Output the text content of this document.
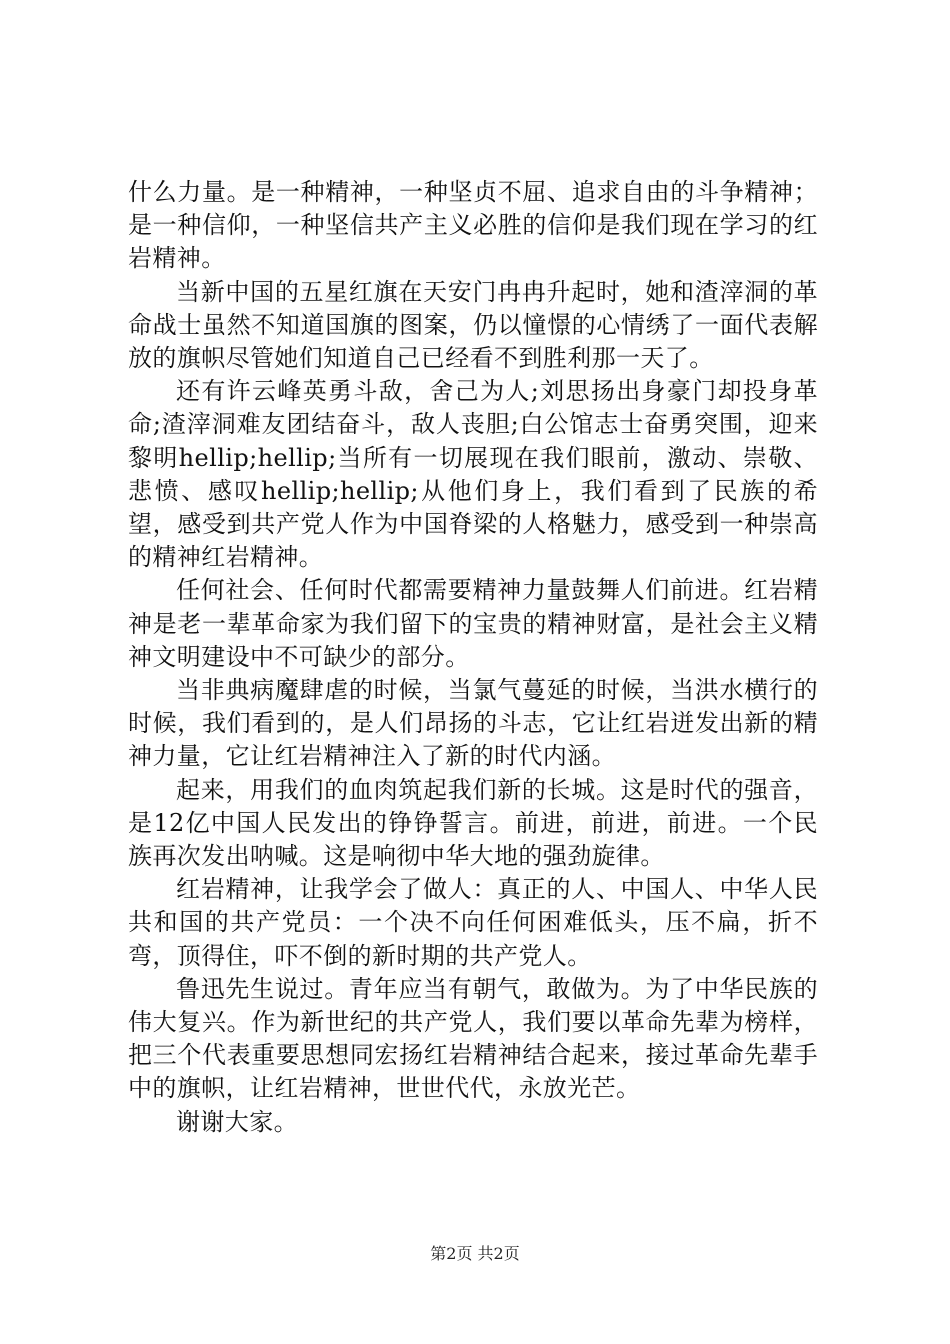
什么力量。是一种精神，一种坚贞不屈、追求自由的斗争精神；是一种信仰，一种坚信共产主义必胜的信仰是我们现在学习的红岩精神。

当新中国的五星红旗在天安门冉冉升起时，她和渣滓洞的革命战士虽然不知道国旗的图案，仍以憧憬的心情绣了一面代表解放的旗帜尽管她们知道自己已经看不到胜利那一天了。

还有许云峰英勇斗敌，舍己为人;刘思扬出身豪门却投身革命;渣滓洞难友团结奋斗，敌人丧胆;白公馆志士奋勇突围，迎来黎明hellip;hellip;当所有一切展现在我们眼前，激动、崇敬、悲愤、感叹hellip;hellip;从他们身上，我们看到了民族的希望，感受到共产党人作为中国脊梁的人格魅力，感受到一种崇高的精神红岩精神。

任何社会、任何时代都需要精神力量鼓舞人们前进。红岩精神是老一辈革命家为我们留下的宝贵的精神财富，是社会主义精神文明建设中不可缺少的部分。

当非典病魔肆虐的时候，当氯气蔓延的时候，当洪水横行的时候，我们看到的，是人们昂扬的斗志，它让红岩迸发出新的精神力量，它让红岩精神注入了新的时代内涵。

起来，用我们的血肉筑起我们新的长城。这是时代的强音，是12亿中国人民发出的铮铮誓言。前进，前进，前进。一个民族再次发出呐喊。这是响彻中华大地的强劲旋律。

红岩精神，让我学会了做人：真正的人、中国人、中华人民共和国的共产党员：一个决不向任何困难低头，压不扁，折不弯，顶得住，吓不倒的新时期的共产党人。

鲁迅先生说过。青年应当有朝气，敢做为。为了中华民族的伟大复兴。作为新世纪的共产党人，我们要以革命先辈为榜样，把三个代表重要思想同宏扬红岩精神结合起来，接过革命先辈手中的旗帜，让红岩精神，世世代代，永放光芒。

谢谢大家。

第2页 共2页
